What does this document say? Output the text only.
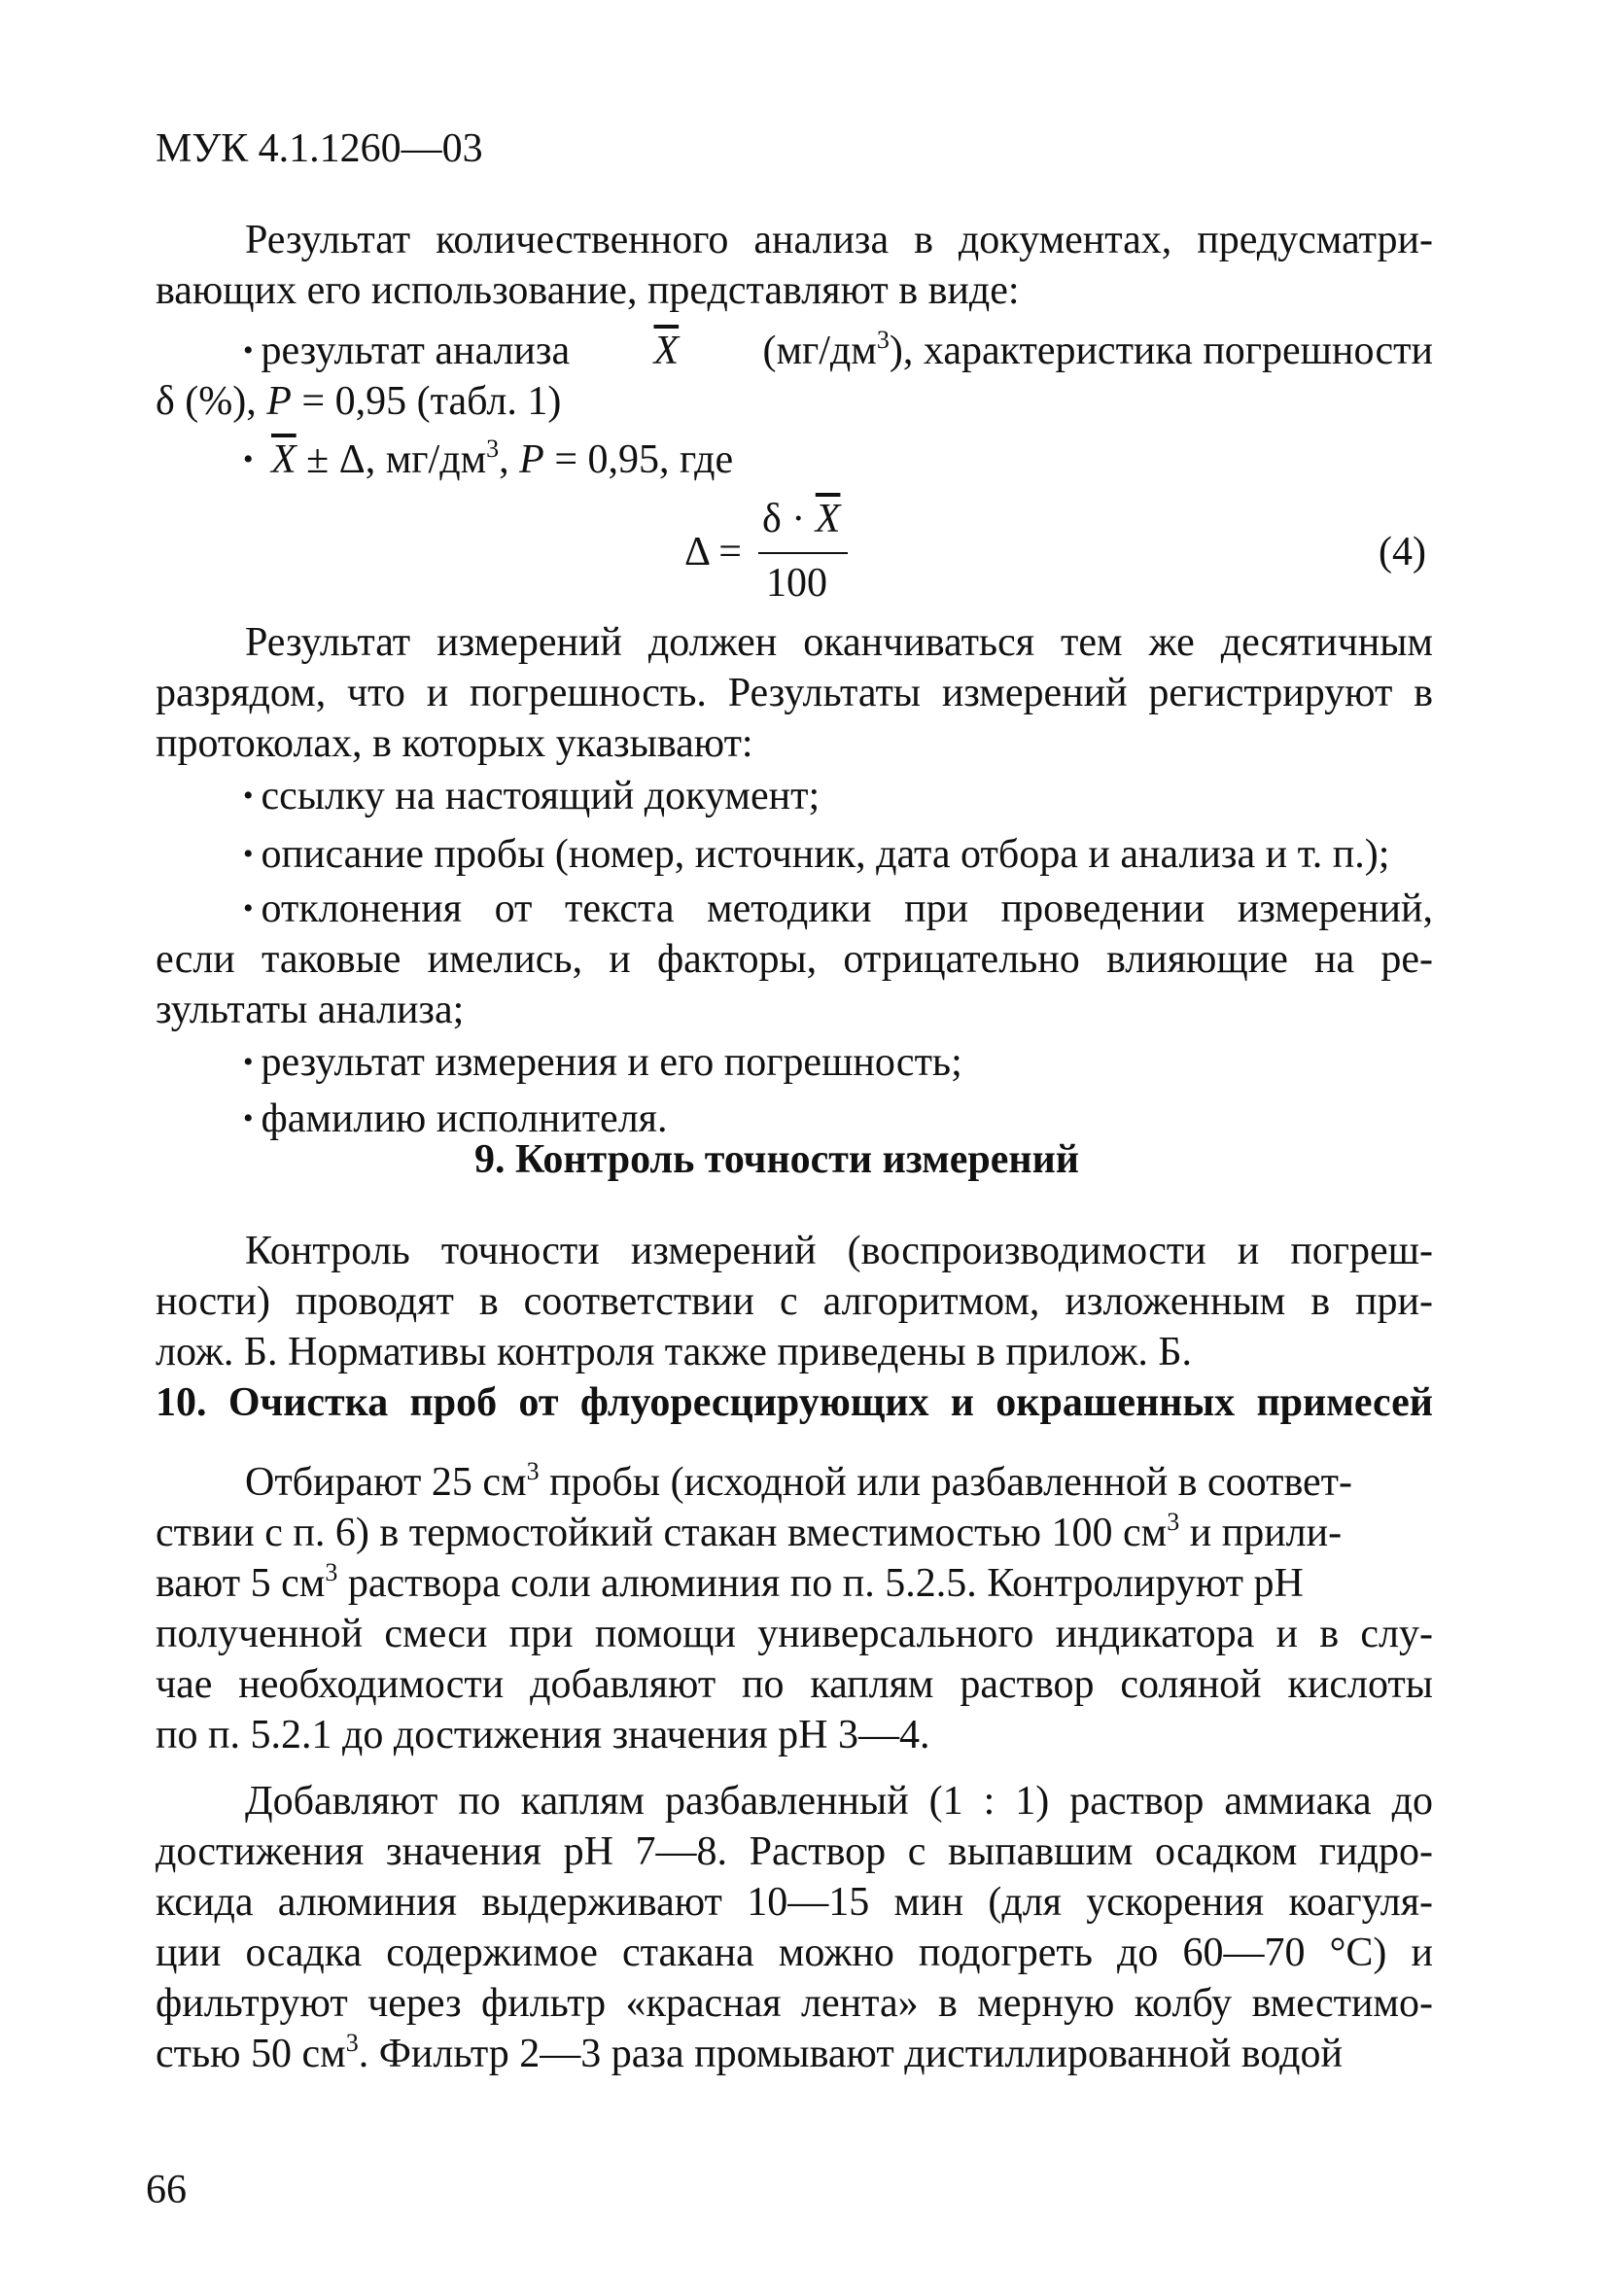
МУК 4.1.1260—03
Результат количественного анализа в документах, предусматри-
вающих его использование, представляют в виде:
• результат анализа $\overline{X}$ $(мг/дм^3)$, характеристика погрешности
δ (%), P = 0,95 (табл. 1)
• $\overline{X} \pm \Delta$, $мг/дм^3$, P = 0,95, где
Δ =
$\delta \cdot \overline{X}$
100
(4)
Результат измерений должен оканчиваться тем же десятичным
разрядом, что и погрешность. Результаты измерений регистрируют в
протоколах, в которых указывают:
• ссылку на настоящий документ;
• описание пробы (номер, источник, дата отбора и анализа и т. п.);
• отклонения от текста методики при проведении измерений,
если таковые имелись, и факторы, отрицательно влияющие на ре-
зультаты анализа;
• результат измерения и его погрешность;
• фамилию исполнителя.
9. Контроль точности измерений
Контроль точности измерений (воспроизводимости и погреш-
ности) проводят в соответствии с алгоритмом, изложенным в при-
лож. Б. Нормативы контроля также приведены в прилож. Б.
10. Очистка проб от флуоресцирующих и окрашенных примесей
Отбирают 25 $см^3$ пробы (исходной или разбавленной в соответ-
ствии с п. 6) в термостойкий стакан вместимостью 100 $см^3$ и прили-
вают 5 $см^3$ раствора соли алюминия по п. 5.2.5. Контролируют рН
полученной смеси при помощи универсального индикатора и в слу-
чае необходимости добавляют по каплям раствор соляной кислоты
по п. 5.2.1 до достижения значения рН 3—4.
Добавляют по каплям разбавленный (1 : 1) раствор аммиака до
достижения значения рН 7—8. Раствор с выпавшим осадком гидро-
ксида алюминия выдерживают 10—15 мин (для ускорения коагуля-
ции осадка содержимое стакана можно подогреть до 60—70 °С) и
фильтруют через фильтр «красная лента» в мерную колбу вместимо-
стью 50 $см^3$. Фильтр 2—3 раза промывают дистиллированной водой
66
